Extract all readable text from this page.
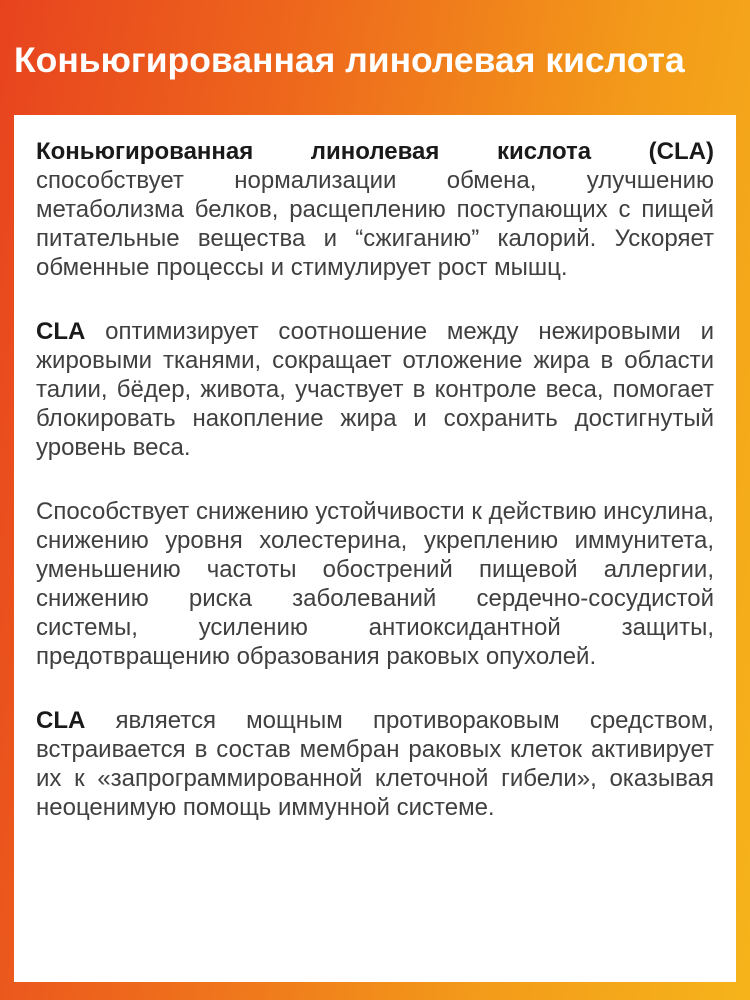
Коньюгированная линолевая кислота

Коньюгированная линолевая кислота (CLA) способствует нормализации обмена, улучшению метаболизма белков, расщеплению поступающих с пищей питательные вещества и “сжиганию” калорий. Ускоряет обменные процессы и стимулирует рост мышц.

CLA оптимизирует соотношение между нежировыми и жировыми тканями, сокращает отложение жира в области талии, бёдер, живота, участвует в контроле веса, помогает блокировать накопление жира и сохранить достигнутый уровень веса.

Способствует снижению устойчивости к действию инсулина, снижению уровня холестерина, укреплению иммунитета, уменьшению частоты обострений пищевой аллергии, снижению риска заболеваний сердечно-сосудистой системы, усилению антиоксидантной защиты, предотвращению образования раковых опухолей.

CLA является мощным противораковым средством, встраивается в состав мембран раковых клеток активирует их к «запрограммированной клеточной гибели», оказывая неоценимую помощь иммунной системе.
